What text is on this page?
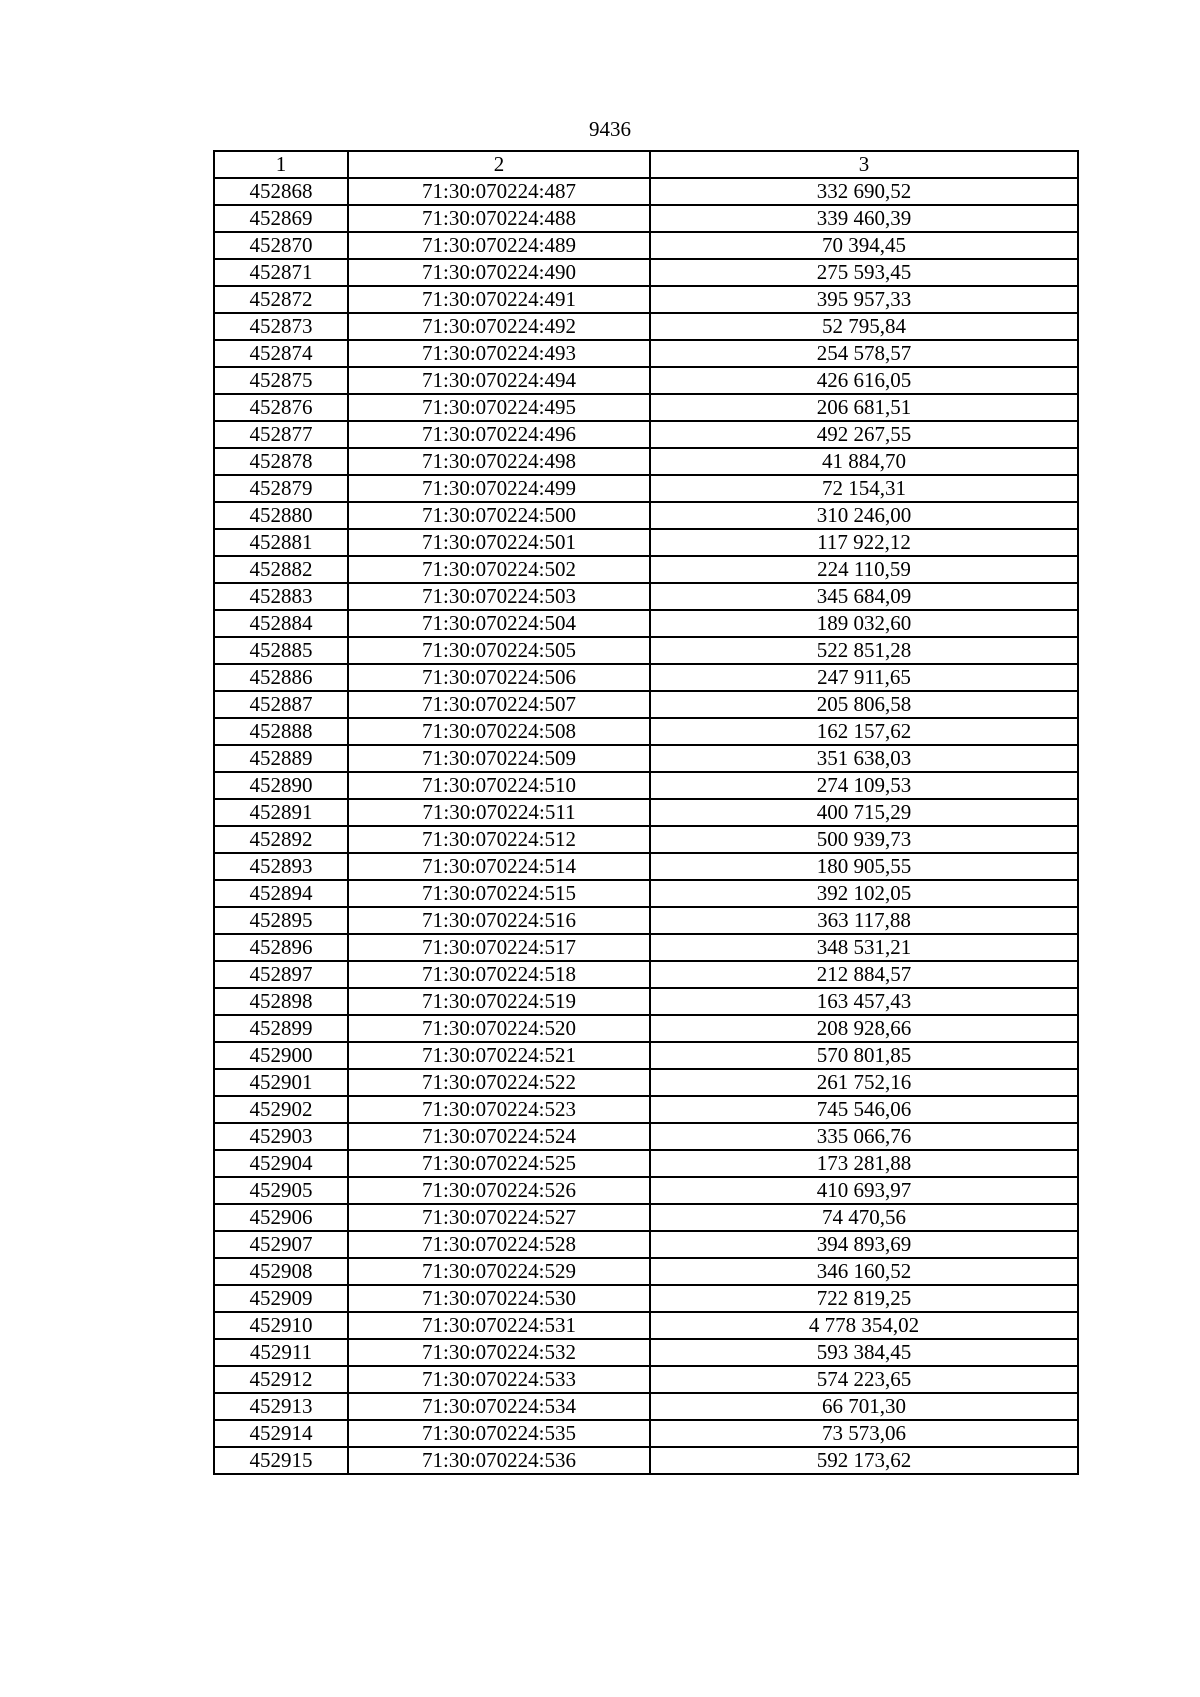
9436
1	2	3
452868	71:30:070224:487	332 690,52
452869	71:30:070224:488	339 460,39
452870	71:30:070224:489	70 394,45
452871	71:30:070224:490	275 593,45
452872	71:30:070224:491	395 957,33
452873	71:30:070224:492	52 795,84
452874	71:30:070224:493	254 578,57
452875	71:30:070224:494	426 616,05
452876	71:30:070224:495	206 681,51
452877	71:30:070224:496	492 267,55
452878	71:30:070224:498	41 884,70
452879	71:30:070224:499	72 154,31
452880	71:30:070224:500	310 246,00
452881	71:30:070224:501	117 922,12
452882	71:30:070224:502	224 110,59
452883	71:30:070224:503	345 684,09
452884	71:30:070224:504	189 032,60
452885	71:30:070224:505	522 851,28
452886	71:30:070224:506	247 911,65
452887	71:30:070224:507	205 806,58
452888	71:30:070224:508	162 157,62
452889	71:30:070224:509	351 638,03
452890	71:30:070224:510	274 109,53
452891	71:30:070224:511	400 715,29
452892	71:30:070224:512	500 939,73
452893	71:30:070224:514	180 905,55
452894	71:30:070224:515	392 102,05
452895	71:30:070224:516	363 117,88
452896	71:30:070224:517	348 531,21
452897	71:30:070224:518	212 884,57
452898	71:30:070224:519	163 457,43
452899	71:30:070224:520	208 928,66
452900	71:30:070224:521	570 801,85
452901	71:30:070224:522	261 752,16
452902	71:30:070224:523	745 546,06
452903	71:30:070224:524	335 066,76
452904	71:30:070224:525	173 281,88
452905	71:30:070224:526	410 693,97
452906	71:30:070224:527	74 470,56
452907	71:30:070224:528	394 893,69
452908	71:30:070224:529	346 160,52
452909	71:30:070224:530	722 819,25
452910	71:30:070224:531	4 778 354,02
452911	71:30:070224:532	593 384,45
452912	71:30:070224:533	574 223,65
452913	71:30:070224:534	66 701,30
452914	71:30:070224:535	73 573,06
452915	71:30:070224:536	592 173,62
